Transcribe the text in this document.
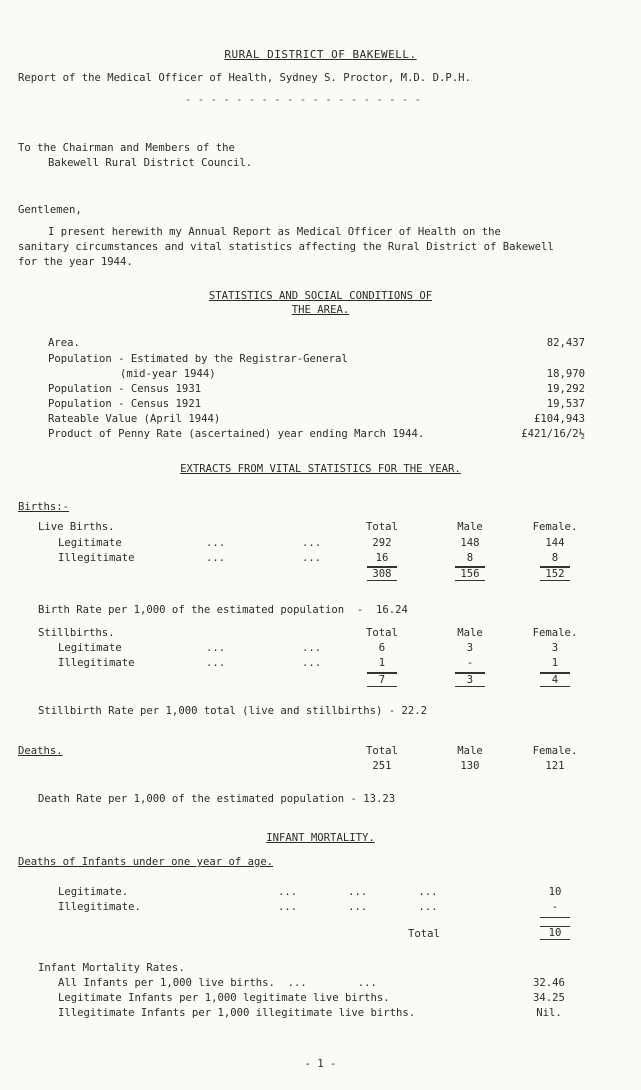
RURAL DISTRICT OF BAKEWELL.
Report of the Medical Officer of Health, Sydney S. Proctor, M.D. D.P.H.
- - - - - - - - - - - - - - - - - - -
To the Chairman and Members of the
Bakewell Rural District Council.
Gentlemen,
I present herewith my Annual Report as Medical Officer of Health on the
sanitary circumstances and vital statistics affecting the Rural District of Bakewell
for the year 1944.
STATISTICS AND SOCIAL CONDITIONS OF
THE AREA.
Area.	82,437
Population - Estimated by the Registrar-General
(mid-year 1944)	18,970
Population - Census 1931	19,292
Population - Census 1921	19,537
Rateable Value (April 1944)	£104,943
Product of Penny Rate (ascertained) year ending March 1944.	£421/16/2½
EXTRACTS FROM VITAL STATISTICS FOR THE YEAR.
Births:-
Live Births.	Total	Male	Female.
Legitimate	...	...	292	148	144
Illegitimate	...	...	16	8	8
308	156	152
Birth Rate per 1,000 of the estimated population  -  16.24
Stillbirths.	Total	Male	Female.
Legitimate	...	...	6	3	3
Illegitimate	...	...	1	-	1
7	3	4
Stillbirth Rate per 1,000 total (live and stillbirths) - 22.2
Deaths.	Total	Male	Female.
251	130	121
Death Rate per 1,000 of the estimated population - 13.23
INFANT MORTALITY.
Deaths of Infants under one year of age.
Legitimate.	...        ...        ...	10
Illegitimate.	...        ...        ...	-
Total	10
Infant Mortality Rates.
All Infants per 1,000 live births.  ...        ...	32.46
Legitimate Infants per 1,000 legitimate live births.	34.25
Illegitimate Infants per 1,000 illegitimate live births.	Nil.
- 1 -
